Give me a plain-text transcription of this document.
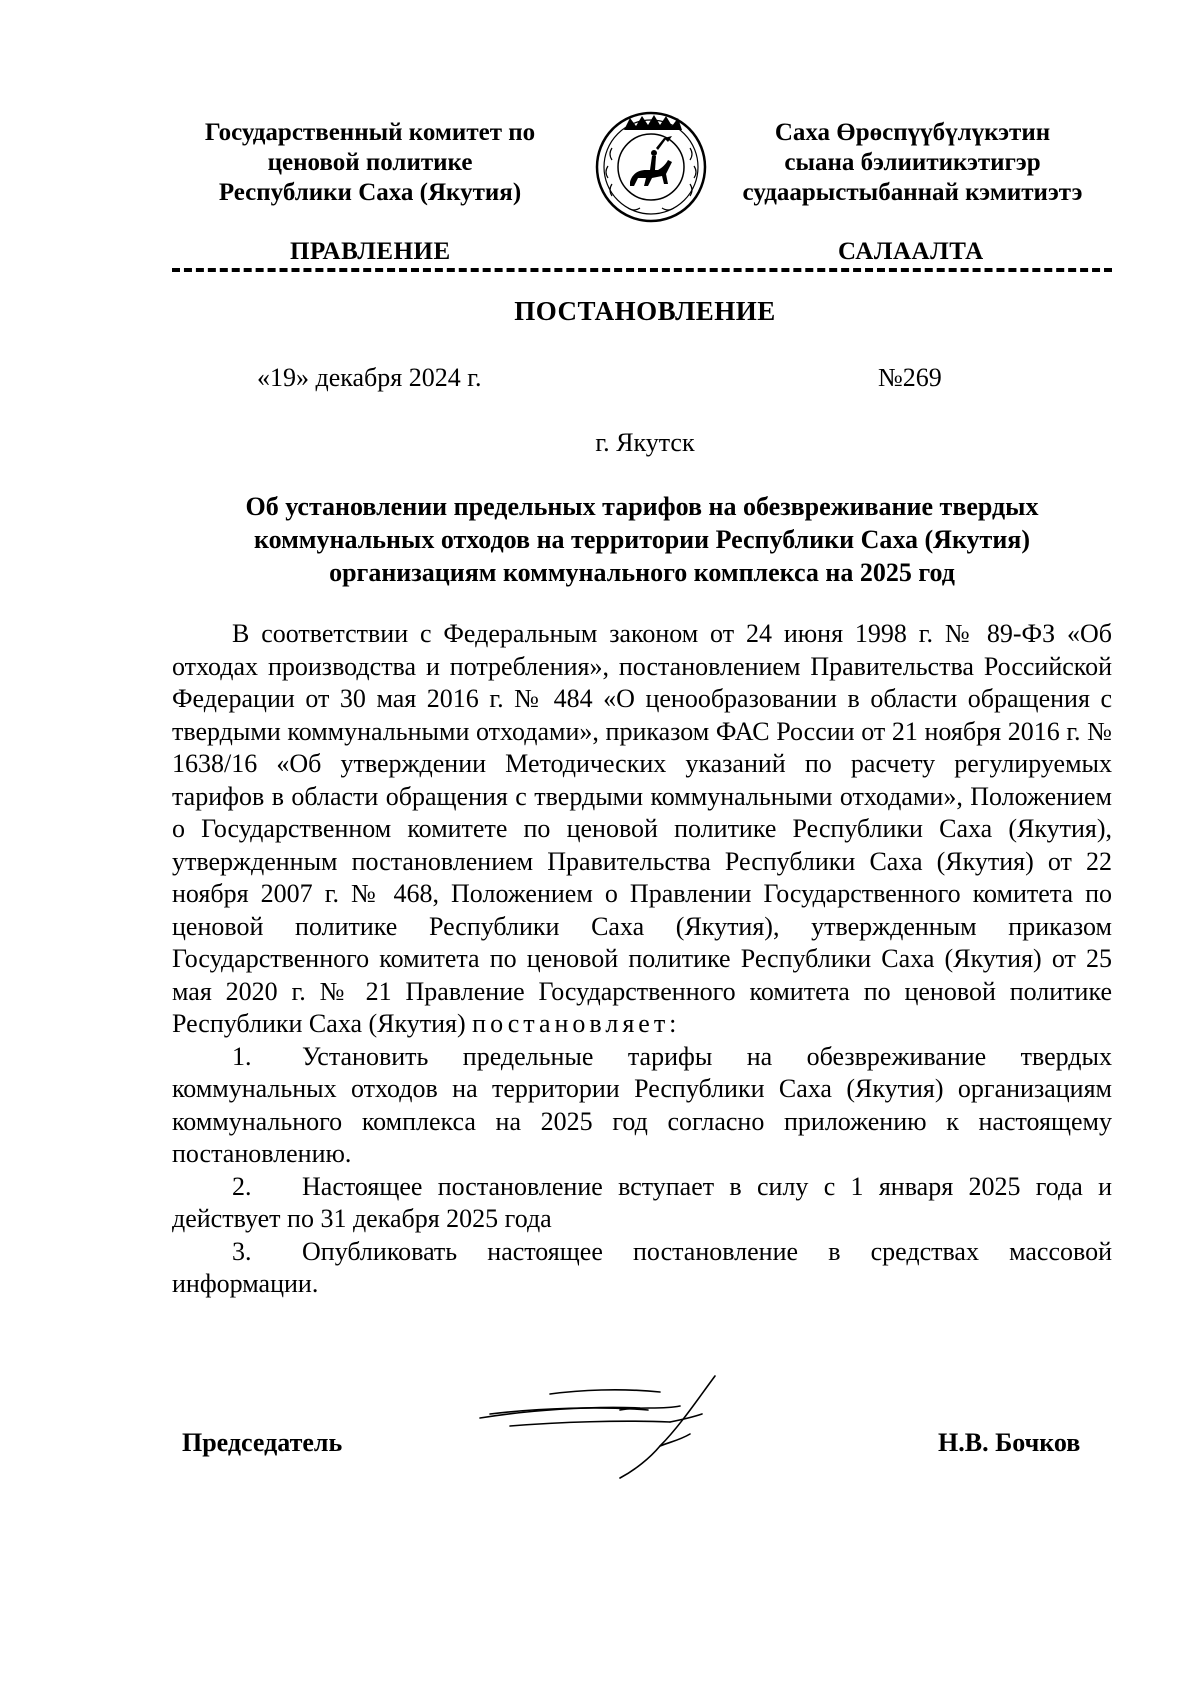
Государственный комитет по
ценовой политике
Республики Саха (Якутия)
Саха Өрөспүүбүлүкэтин
сыана бэлиитикэтигэр
судаарыстыбаннай кэмитиэтэ
ПРАВЛЕНИЕ	САЛААЛТА
ПОСТАНОВЛЕНИЕ
«19» декабря 2024 г.	№269
г. Якутск
Об установлении предельных тарифов на обезвреживание твердых
коммунальных отходов на территории Республики Саха (Якутия)
организациям коммунального комплекса на 2025 год

В соответствии с Федеральным законом от 24 июня 1998 г. № 89-ФЗ «Об отходах производства и потребления», постановлением Правительства Российской Федерации от 30 мая 2016 г. № 484 «О ценообразовании в области обращения с твердыми коммунальными отходами», приказом ФАС России от 21 ноября 2016 г. № 1638/16 «Об утверждении Методических указаний по расчету регулируемых тарифов в области обращения с твердыми коммунальными отходами», Положением о Государственном комитете по ценовой политике Республики Саха (Якутия), утвержденным постановлением Правительства Республики Саха (Якутия) от 22 ноября 2007 г. № 468, Положением о Правлении Государственного комитета по ценовой политике Республики Саха (Якутия), утвержденным приказом Государственного комитета по ценовой политике Республики Саха (Якутия) от 25 мая 2020 г. № 21 Правление Государственного комитета по ценовой политике Республики Саха (Якутия) постановляет:

1. Установить предельные тарифы на обезвреживание твердых коммунальных отходов на территории Республики Саха (Якутия) организациям коммунального комплекса на 2025 год согласно приложению к настоящему постановлению.

2. Настоящее постановление вступает в силу с 1 января 2025 года и действует по 31 декабря 2025 года

3. Опубликовать настоящее постановление в средствах массовой информации.

Председатель	Н.В. Бочков
